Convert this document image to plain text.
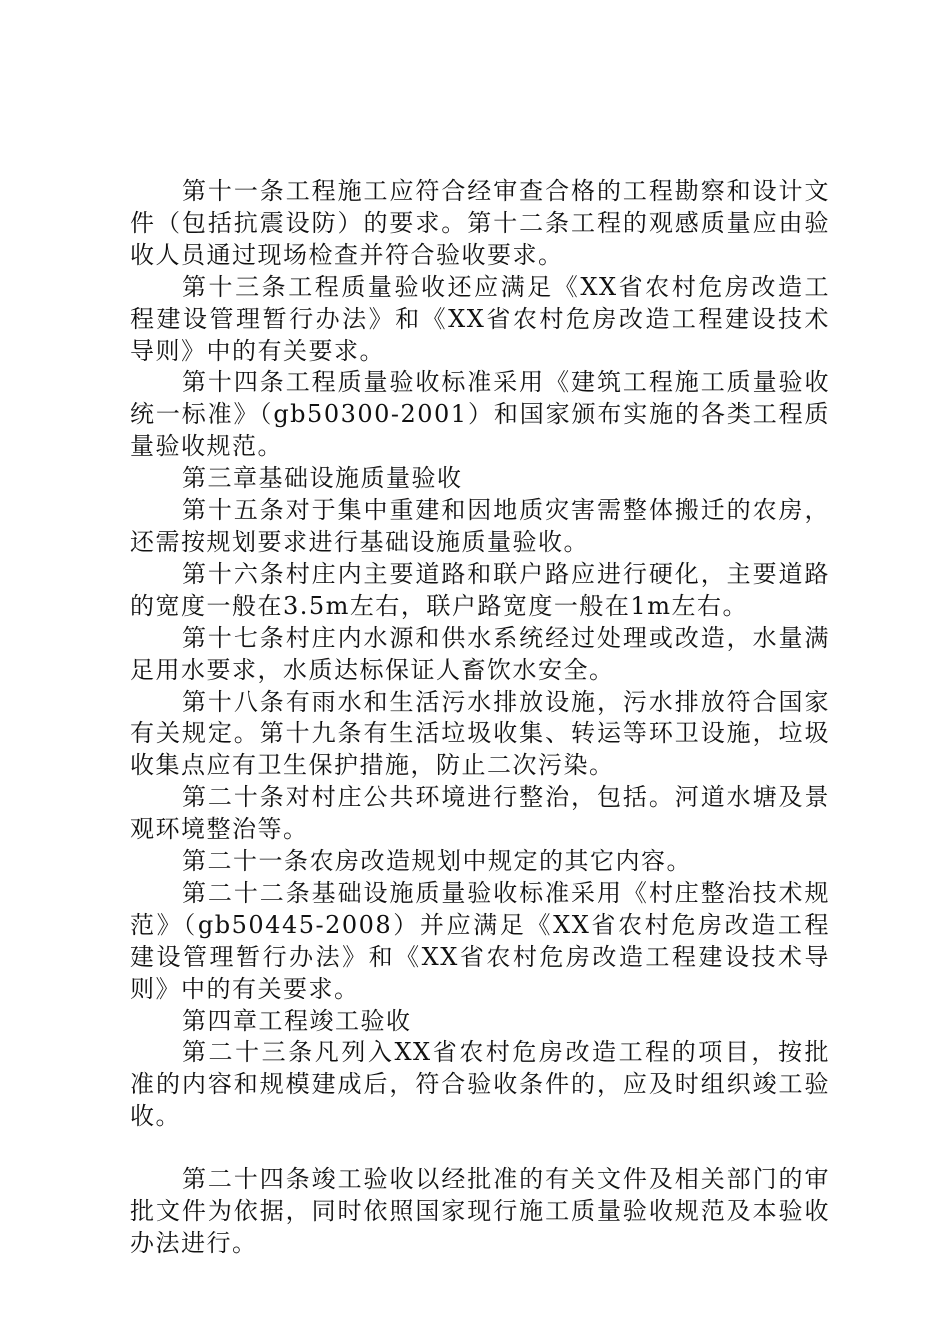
第十一条工程施工应符合经审查合格的工程勘察和设计文件（包括抗震设防）的要求。第十二条工程的观感质量应由验收人员通过现场检查并符合验收要求。

第十三条工程质量验收还应满足《XX省农村危房改造工程建设管理暂行办法》和《XX省农村危房改造工程建设技术导则》中的有关要求。

第十四条工程质量验收标准采用《建筑工程施工质量验收统一标准》（gb50300-2001）和国家颁布实施的各类工程质量验收规范。

第三章基础设施质量验收

第十五条对于集中重建和因地质灾害需整体搬迁的农房，还需按规划要求进行基础设施质量验收。

第十六条村庄内主要道路和联户路应进行硬化，主要道路的宽度一般在3.5m左右，联户路宽度一般在1m左右。

第十七条村庄内水源和供水系统经过处理或改造，水量满足用水要求，水质达标保证人畜饮水安全。

第十八条有雨水和生活污水排放设施，污水排放符合国家有关规定。第十九条有生活垃圾收集、转运等环卫设施，垃圾收集点应有卫生保护措施，防止二次污染。

第二十条对村庄公共环境进行整治，包括。河道水塘及景观环境整治等。

第二十一条农房改造规划中规定的其它内容。

第二十二条基础设施质量验收标准采用《村庄整治技术规范》（gb50445-2008）并应满足《XX省农村危房改造工程建设管理暂行办法》和《XX省农村危房改造工程建设技术导则》中的有关要求。

第四章工程竣工验收

第二十三条凡列入XX省农村危房改造工程的项目，按批准的内容和规模建成后，符合验收条件的，应及时组织竣工验收。

第二十四条竣工验收以经批准的有关文件及相关部门的审批文件为依据，同时依照国家现行施工质量验收规范及本验收办法进行。
